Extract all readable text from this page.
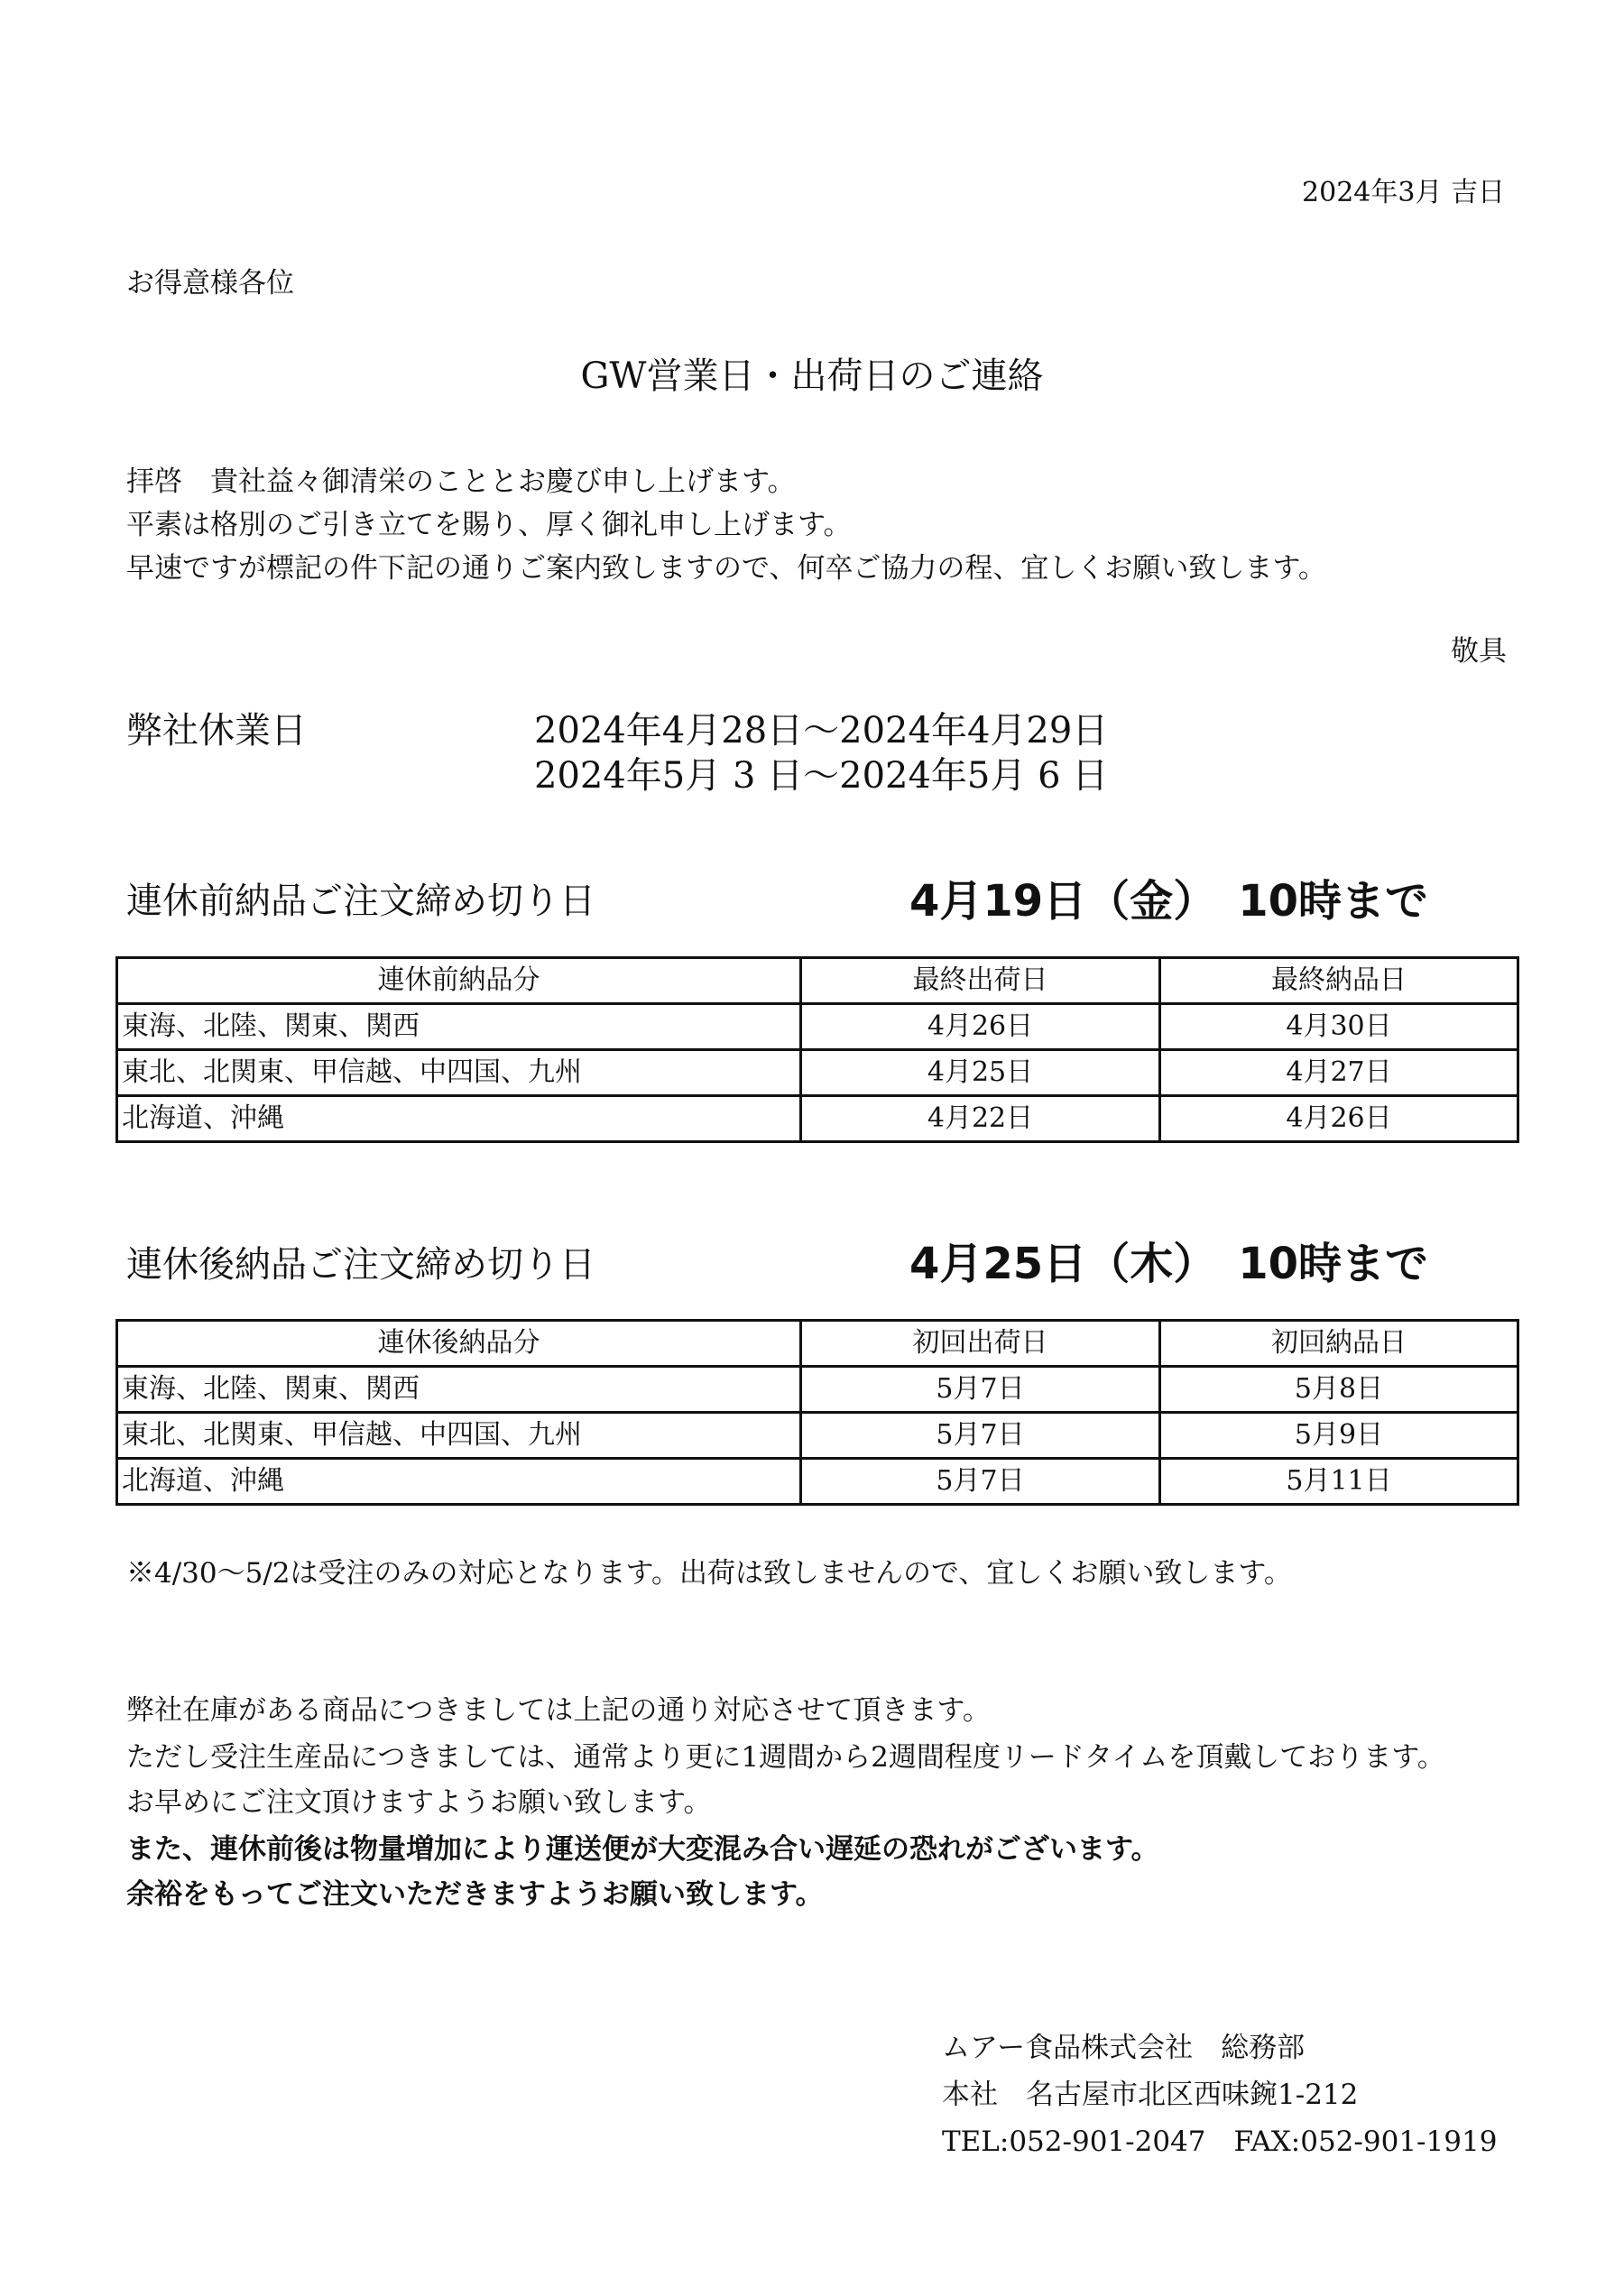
2024年3月 吉日
お得意様各位
GW営業日・出荷日のご連絡
拝啓　貴社益々御清栄のこととお慶び申し上げます。
平素は格別のご引き立てを賜り、厚く御礼申し上げます。
早速ですが標記の件下記の通りご案内致しますので、何卒ご協力の程、宜しくお願い致します。
敬具
弊社休業日	2024年4月28日～2024年4月29日
2024年5月 3 日～2024年5月 6 日
連休前納品ご注文締め切り日	4月19日（金）　10時まで
連休前納品分	最終出荷日	最終納品日
東海、北陸、関東、関西	4月26日	4月30日
東北、北関東、甲信越、中四国、九州	4月25日	4月27日
北海道、沖縄	4月22日	4月26日
連休後納品ご注文締め切り日	4月25日（木）　10時まで
連休後納品分	初回出荷日	初回納品日
東海、北陸、関東、関西	5月7日	5月8日
東北、北関東、甲信越、中四国、九州	5月7日	5月9日
北海道、沖縄	5月7日	5月11日
※4/30～5/2は受注のみの対応となります。出荷は致しませんので、宜しくお願い致します。
弊社在庫がある商品につきましては上記の通り対応させて頂きます。
ただし受注生産品につきましては、通常より更に1週間から2週間程度リードタイムを頂戴しております。
お早めにご注文頂けますようお願い致します。
また、連休前後は物量増加により運送便が大変混み合い遅延の恐れがございます。
余裕をもってご注文いただきますようお願い致します。
ムアー食品株式会社　総務部
本社　名古屋市北区西味鋺1-212
TEL:052-901-2047　FAX:052-901-1919
